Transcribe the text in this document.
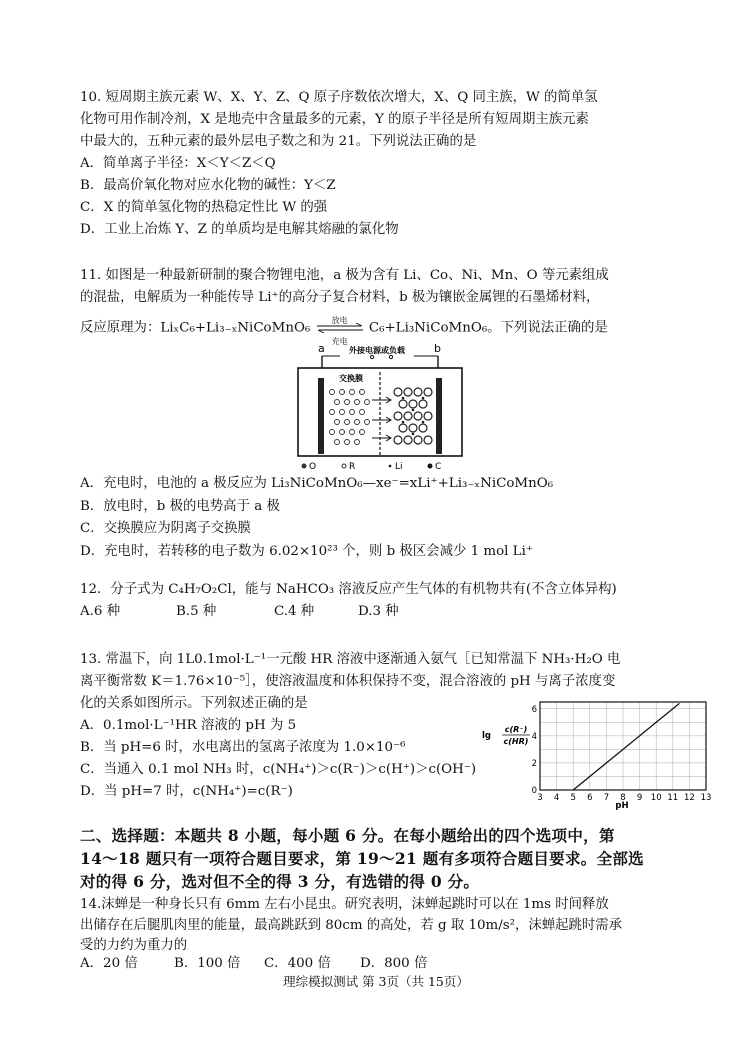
10. 短周期主族元素 W、X、Y、Z、Q 原子序数依次增大，X、Q 同主族，W 的简单氢
化物可用作制冷剂，X 是地壳中含量最多的元素，Y 的原子半径是所有短周期主族元素
中最大的，五种元素的最外层电子数之和为 21。下列说法正确的是
A．简单离子半径：X＜Y＜Z＜Q
B．最高价氧化物对应水化物的碱性：Y＜Z
C．X 的简单氢化物的热稳定性比 W 的强
D．工业上冶炼 Y、Z 的单质均是电解其熔融的氯化物
11. 如图是一种最新研制的聚合物锂电池，a 极为含有 Li、Co、Ni、Mn、O 等元素组成
的混盐，电解质为一种能传导 Li⁺的高分子复合材料，b 极为镶嵌金属锂的石墨烯材料，
反应原理为：LiₓC₆+Li₃₋ₓNiCoMnO₆	放电
充电
C₆+Li₃NiCoMnO₆。下列说法正确的是
a	b
外接电源或负载
交换膜
O	R	Li	C
A．充电时，电池的 a 极反应为 Li₃NiCoMnO₆—xe⁻=xLi⁺+Li₃₋ₓNiCoMnO₆
B．放电时，b 极的电势高于 a 极
C．交换膜应为阴离子交换膜
D．充电时，若转移的电子数为 6.02×10²³ 个，则 b 极区会减少 1 mol Li⁺
12．分子式为 C₄H₇O₂Cl，能与 NaHCO₃ 溶液反应产生气体的有机物共有(不含立体异构)
A.6 种	B.5 种	C.4 种	D.3 种
13. 常温下，向 1L0.1mol·L⁻¹一元酸 HR 溶液中逐渐通入氨气［已知常温下 NH₃·H₂O 电
离平衡常数 K＝1.76×10⁻⁵］，使溶液温度和体积保持不变，混合溶液的 pH 与离子浓度变
化的关系如图所示。下列叙述正确的是
A．0.1mol·L⁻¹HR 溶液的 pH 为 5
B．当 pH=6 时，水电离出的氢离子浓度为 1.0×10⁻⁶
C．当通入 0.1 mol NH₃ 时，c(NH₄⁺)＞c(R⁻)＞c(H⁺)＞c(OH⁻)
D．当 pH=7 时，c(NH₄⁺)=c(R⁻)
lg
c(R⁻)
c(HR)
pH
3 4 5 6 7 8 9 10 11 12 13
0
2
4
6
二、选择题：本题共 8 小题，每小题 6 分。在每小题给出的四个选项中，第
14～18 题只有一项符合题目要求，第 19～21 题有多项符合题目要求。全部选
对的得 6 分，选对但不全的得 3 分，有选错的得 0 分。
14.沫蝉是一种身长只有 6mm 左右小昆虫。研究表明，沫蝉起跳时可以在 1ms 时间释放
出储存在后腿肌肉里的能量，最高跳跃到 80cm 的高处，若 g 取 10m/s²，沫蝉起跳时需承
受的力约为重力的
A．20 倍	B．100 倍 C．400 倍 D．800 倍
理综模拟测试 第 3页（共 15页）
